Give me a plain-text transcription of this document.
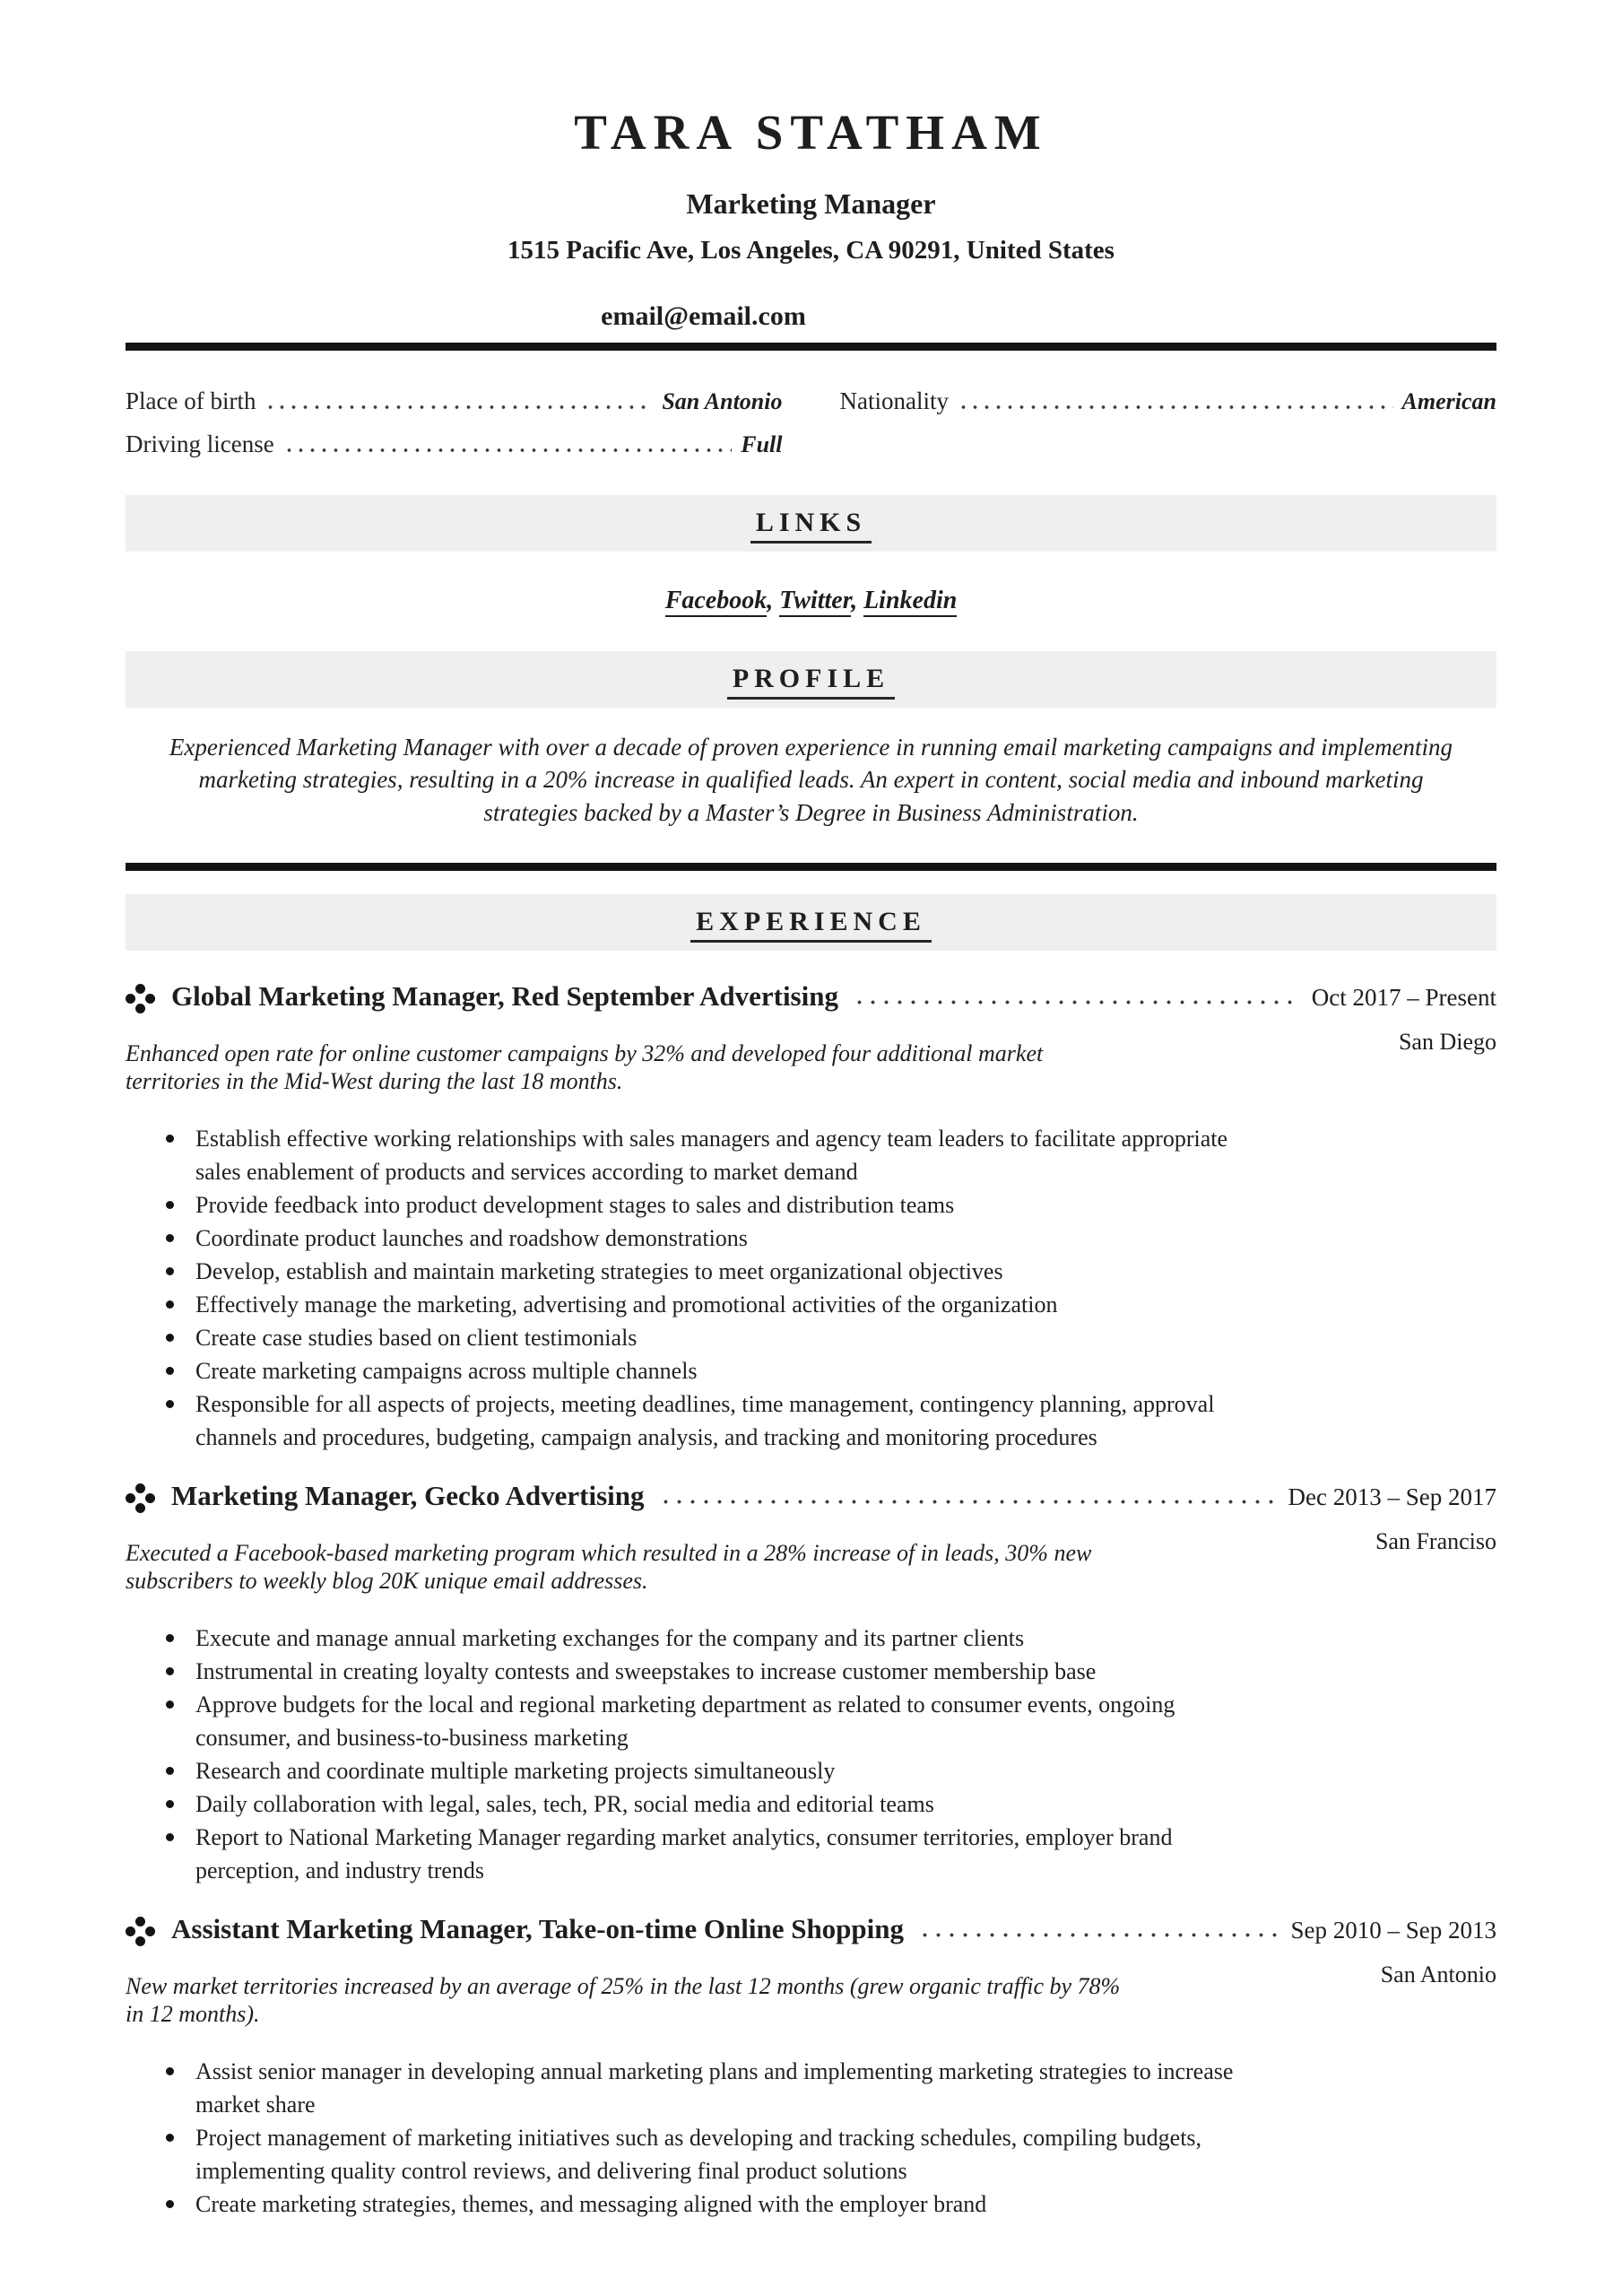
TARA STATHAM
Marketing Manager
1515 Pacific Ave, Los Angeles, CA 90291, United States
email@email.com
Place of birth	San Antonio Nationality	American
Driving license	Full
LINKS
Facebook, Twitter, Linkedin
PROFILE

Experienced Marketing Manager with over a decade of proven experience in running email marketing campaigns and implementing marketing strategies, resulting in a 20% increase in qualified leads. An expert in content, social media and inbound marketing strategies backed by a Master’s Degree in Business Administration.

EXPERIENCE
Global Marketing Manager, Red September Advertising	Oct 2017 – Present

Enhanced open rate for online customer campaigns by 32% and developed four additional market territories in the Mid-West during the last 18 months.

San Diego
Establish effective working relationships with sales managers and agency team leaders to facilitate appropriate sales enablement of products and services according to market demand
Provide feedback into product development stages to sales and distribution teams
Coordinate product launches and roadshow demonstrations
Develop, establish and maintain marketing strategies to meet organizational objectives
Effectively manage the marketing, advertising and promotional activities of the organization
Create case studies based on client testimonials
Create marketing campaigns across multiple channels
Responsible for all aspects of projects, meeting deadlines, time management, contingency planning, approval channels and procedures, budgeting, campaign analysis, and tracking and monitoring procedures
Marketing Manager, Gecko Advertising	Dec 2013 – Sep 2017

Executed a Facebook-based marketing program which resulted in a 28% increase of in leads, 30% new subscribers to weekly blog 20K unique email addresses.

San Franciso
Execute and manage annual marketing exchanges for the company and its partner clients
Instrumental in creating loyalty contests and sweepstakes to increase customer membership base
Approve budgets for the local and regional marketing department as related to consumer events, ongoing consumer, and business-to-business marketing
Research and coordinate multiple marketing projects simultaneously
Daily collaboration with legal, sales, tech, PR, social media and editorial teams
Report to National Marketing Manager regarding market analytics, consumer territories, employer brand perception, and industry trends
Assistant Marketing Manager, Take-on-time Online Shopping	Sep 2010 – Sep 2013

New market territories increased by an average of 25% in the last 12 months (grew organic traffic by 78% in 12 months).

San Antonio
Assist senior manager in developing annual marketing plans and implementing marketing strategies to increase market share
Project management of marketing initiatives such as developing and tracking schedules, compiling budgets, implementing quality control reviews, and delivering final product solutions
Create marketing strategies, themes, and messaging aligned with the employer brand
